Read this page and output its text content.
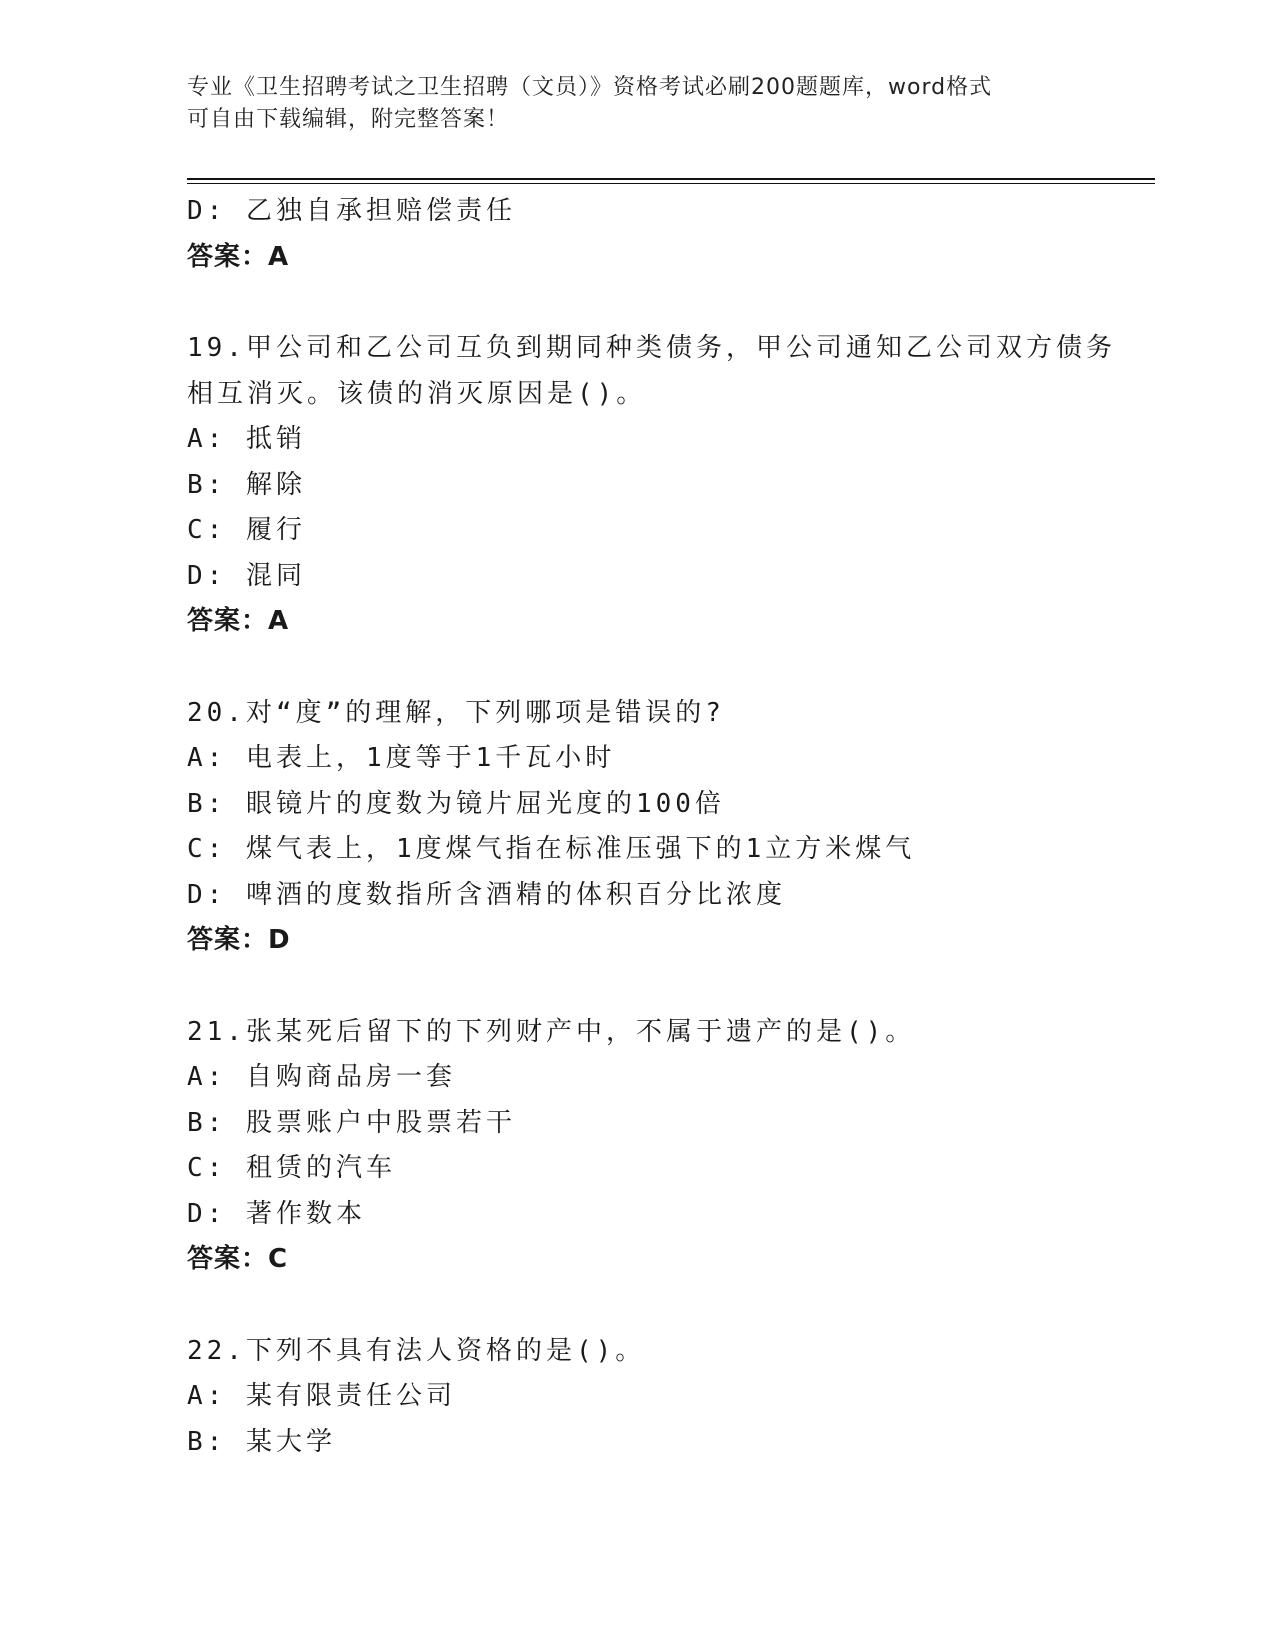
专业《卫生招聘考试之卫生招聘（文员）》资格考试必刷200题题库，word格式
可自由下载编辑，附完整答案！
D: 乙独自承担赔偿责任
答案：A
19.甲公司和乙公司互负到期同种类债务，甲公司通知乙公司双方债务
相互消灭。该债的消灭原因是()。
A: 抵销
B: 解除
C: 履行
D: 混同
答案：A
20.对“度”的理解，下列哪项是错误的?
A: 电表上，1度等于1千瓦小时
B: 眼镜片的度数为镜片屈光度的100倍
C: 煤气表上，1度煤气指在标准压强下的1立方米煤气
D: 啤酒的度数指所含酒精的体积百分比浓度
答案：D
21.张某死后留下的下列财产中，不属于遗产的是()。
A: 自购商品房一套
B: 股票账户中股票若干
C: 租赁的汽车
D: 著作数本
答案：C
22.下列不具有法人资格的是()。
A: 某有限责任公司
B: 某大学
